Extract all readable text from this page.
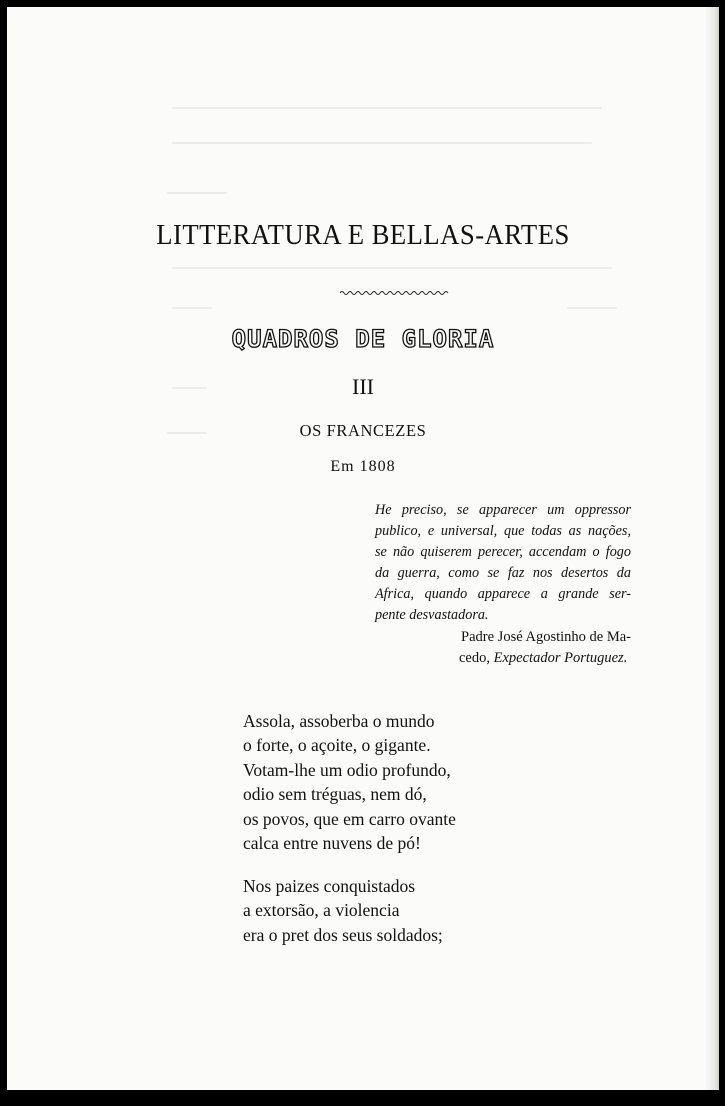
LITTERATURA E BELLAS-ARTES
QUADROS DE GLORIA
III
OS FRANCEZES
Em 1808
He preciso, se apparecer um oppressor
publico, e universal, que todas as nações,
se não quiserem perecer, accendam o fogo
da guerra, como se faz nos desertos da
Africa, quando apparece a grande ser-
pente desvastadora.
Padre José Agostinho de Ma-
cedo, Expectador Portuguez.
Assola, assoberba o mundo
o forte, o açoite, o gigante.
Votam-lhe um odio profundo,
odio sem tréguas, nem dó,
os povos, que em carro ovante
calca entre nuvens de pó!
Nos paizes conquistados
a extorsão, a violencia
era o pret dos seus soldados;
